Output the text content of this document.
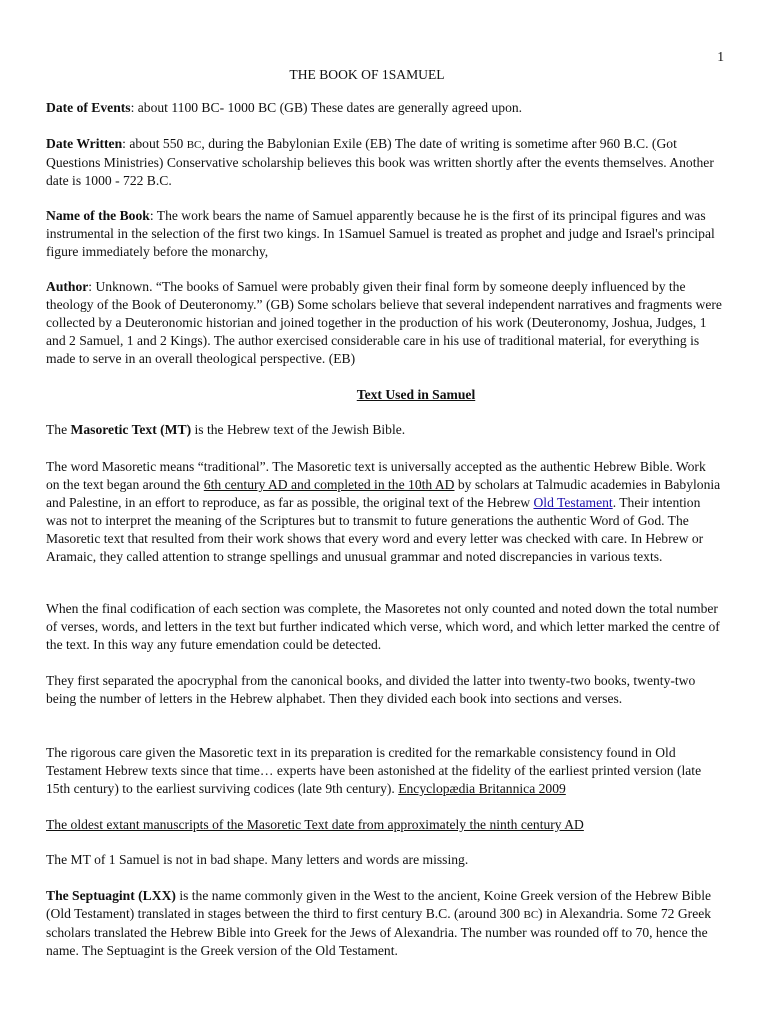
1
THE BOOK OF 1SAMUEL

Date of Events: about 1100 BC- 1000 BC (GB) These dates are generally agreed upon.

Date Written: about 550 BC, during the Babylonian Exile (EB) The date of writing is sometime after 960 B.C. (Got Questions Ministries) Conservative scholarship believes this book was written shortly after the events themselves. Another date is 1000 - 722 B.C.

Name of the Book: The work bears the name of Samuel apparently because he is the first of its principal figures and was instrumental in the selection of the first two kings. In 1Samuel Samuel is treated as prophet and judge and Israel's principal figure immediately before the monarchy,

Author: Unknown. “The books of Samuel were probably given their final form by someone deeply influenced by the theology of the Book of Deuteronomy.” (GB) Some scholars believe that several independent narratives and fragments were collected by a Deuteronomic historian and joined together in the production of his work (Deuteronomy, Joshua, Judges, 1 and 2 Samuel, 1 and 2 Kings). The author exercised considerable care in his use of traditional material, for everything is made to serve in an overall theological perspective. (EB)

Text Used in Samuel

The Masoretic Text (MT) is the Hebrew text of the Jewish Bible.

The word Masoretic means “traditional”. The Masoretic text is universally accepted as the authentic Hebrew Bible. Work on the text began around the 6th century AD and completed in the 10th AD by scholars at Talmudic academies in Babylonia and Palestine, in an effort to reproduce, as far as possible, the original text of the Hebrew Old Testament. Their intention was not to interpret the meaning of the Scriptures but to transmit to future generations the authentic Word of God. The Masoretic text that resulted from their work shows that every word and every letter was checked with care. In Hebrew or Aramaic, they called attention to strange spellings and unusual grammar and noted discrepancies in various texts.

When the final codification of each section was complete, the Masoretes not only counted and noted down the total number of verses, words, and letters in the text but further indicated which verse, which word, and which letter marked the centre of the text. In this way any future emendation could be detected.

They first separated the apocryphal from the canonical books, and divided the latter into twenty-two books, twenty-two being the number of letters in the Hebrew alphabet. Then they divided each book into sections and verses.

The rigorous care given the Masoretic text in its preparation is credited for the remarkable consistency found in Old Testament Hebrew texts since that time… experts have been astonished at the fidelity of the earliest printed version (late 15th century) to the earliest surviving codices (late 9th century). Encyclopædia Britannica 2009

The oldest extant manuscripts of the Masoretic Text date from approximately the ninth century AD

The MT of 1 Samuel is not in bad shape. Many letters and words are missing.

The Septuagint (LXX) is the name commonly given in the West to the ancient, Koine Greek version of the Hebrew Bible (Old Testament) translated in stages between the third to first century B.C. (around 300 BC) in Alexandria. Some 72 Greek scholars translated the Hebrew Bible into Greek for the Jews of Alexandria. The number was rounded off to 70, hence the name. The Septuagint is the Greek version of the Old Testament.
